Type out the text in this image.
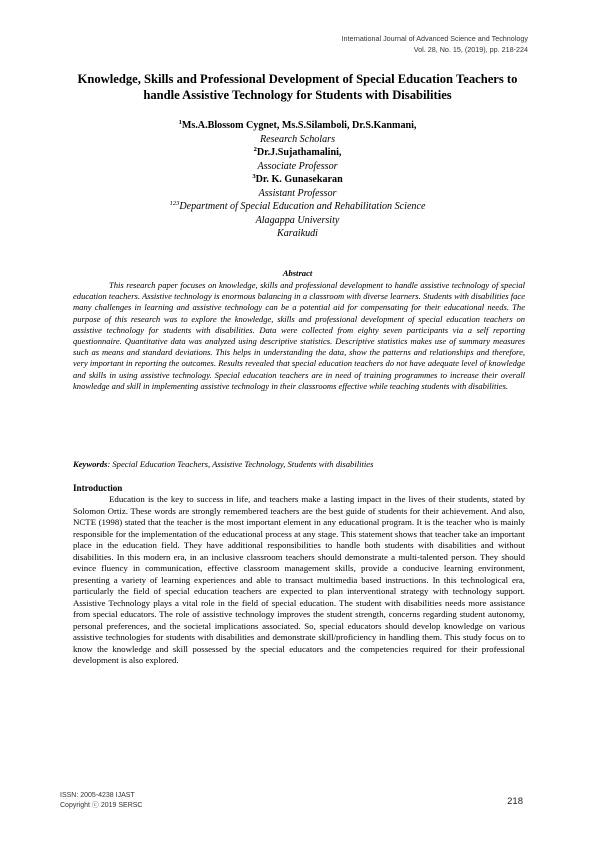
International Journal of Advanced Science and Technology
Vol. 28, No. 15, (2019), pp. 218-224
Knowledge, Skills and Professional Development of Special Education Teachers to handle Assistive Technology for Students with Disabilities
$^1$Ms.A.Blossom Cygnet, Ms.S.Silamboli, Dr.S.Kanmani,
Research Scholars
$^2$Dr.J.Sujathamalini,
Associate Professor
$^3$Dr. K. Gunasekaran
Assistant Professor
$^{123}$Department of Special Education and Rehabilitation Science
Alagappa University
Karaikudi
Abstract

This research paper focuses on knowledge, skills and professional development to handle assistive technology of special education teachers. Assistive technology is enormous balancing in a classroom with diverse learners. Students with disabilities face many challenges in learning and assistive technology can be a potential aid for compensating for their educational needs. The purpose of this research was to explore the knowledge, skills and professional development of special education teachers on assistive technology for students with disabilities. Data were collected from eighty seven participants via a self reporting questionnaire. Quantitative data was analyzed using descriptive statistics. Descriptive statistics makes use of summary measures such as means and standard deviations. This helps in understanding the data, show the patterns and relationships and therefore, very important in reporting the outcomes. Results revealed that special education teachers do not have adequate level of knowledge and skills in using assistive technology. Special education teachers are in need of training programmes to increase their overall knowledge and skill in implementing assistive technology in their classrooms effective while teaching students with disabilities.

Keywords: Special Education Teachers, Assistive Technology, Students with disabilities
Introduction

Education is the key to success in life, and teachers make a lasting impact in the lives of their students, stated by Solomon Ortiz. These words are strongly remembered teachers are the best guide of students for their achievement. And also, NCTE (1998) stated that the teacher is the most important element in any educational program. It is the teacher who is mainly responsible for the implementation of the educational process at any stage. This statement shows that teacher take an important place in the education field. They have additional responsibilities to handle both students with disabilities and without disabilities. In this modern era, in an inclusive classroom teachers should demonstrate a multi-talented person. They should evince fluency in communication, effective classroom management skills, provide a conducive learning environment, presenting a variety of learning experiences and able to transact multimedia based instructions. In this technological era, particularly the field of special education teachers are expected to plan interventional strategy with technology support. Assistive Technology plays a vital role in the field of special education. The student with disabilities needs more assistance from special educators. The role of assistive technology improves the student strength, concerns regarding student autonomy, personal preferences, and the societal implications associated. So, special educators should develop knowledge on various assistive technologies for students with disabilities and demonstrate skill/proficiency in handling them. This study focus on to know the knowledge and skill possessed by the special educators and the competencies required for their professional development is also explored.

ISSN: 2005-4238 IJAST
Copyright ⓒ 2019 SERSC	218
